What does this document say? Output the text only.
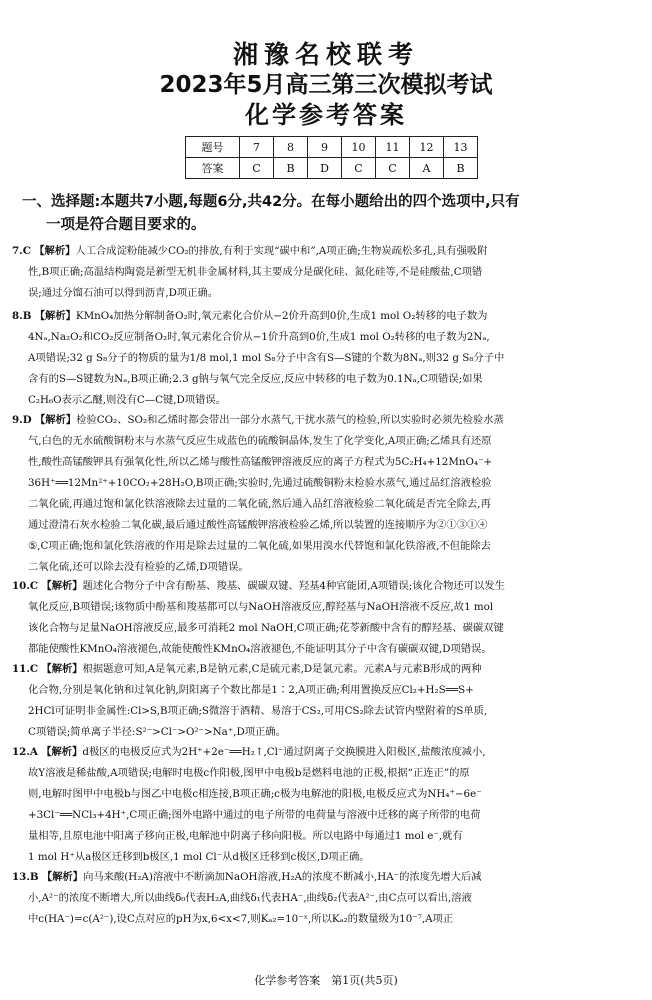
湘豫名校联考
2023年5月高三第三次模拟考试
化学参考答案
题号	7	8	9	10	11	12	13
答案	C	B	D	C	C	A	B
一、选择题:本题共7小题,每题6分,共42分。在每小题给出的四个选项中,只有
一项是符合题目要求的。
7.C 【解析】人工合成淀粉能减少CO₂的排放,有利于实现“碳中和”,A项正确;生物炭疏松多孔,具有强吸附
性,B项正确;高温结构陶瓷是新型无机非金属材料,其主要成分是碳化硅、氮化硅等,不是硅酸盐,C项错
误;通过分馏石油可以得到沥青,D项正确。
8.B 【解析】KMnO₄加热分解制备O₂时,氧元素化合价从−2价升高到0价,生成1 mol O₂转移的电子数为
4Nₐ,Na₂O₂和CO₂反应制备O₂时,氧元素化合价从−1价升高到0价,生成1 mol O₂转移的电子数为2Nₐ,
A项错误;32 g S₈分子的物质的量为1/8 mol,1 mol S₈分子中含有S—S键的个数为8Nₐ,则32 g S₈分子中
含有的S—S键数为Nₐ,B项正确;2.3 g钠与氧气完全反应,反应中转移的电子数为0.1Nₐ,C项错误;如果
C₂H₆O表示乙醚,则没有C—C键,D项错误。
9.D 【解析】检验CO₂、SO₂和乙烯时都会带出一部分水蒸气,干扰水蒸气的检验,所以实验时必须先检验水蒸
气,白色的无水硫酸铜粉末与水蒸气反应生成蓝色的硫酸铜晶体,发生了化学变化,A项正确;乙烯具有还原
性,酸性高锰酸钾具有强氧化性,所以乙烯与酸性高锰酸钾溶液反应的离子方程式为5C₂H₄+12MnO₄⁻+
36H⁺══12Mn²⁺+10CO₂+28H₂O,B项正确;实验时,先通过硫酸铜粉末检验水蒸气,通过品红溶液检验
二氧化硫,再通过饱和氯化铁溶液除去过量的二氧化硫,然后通入品红溶液检验二氧化硫是否完全除去,再
通过澄清石灰水检验二氧化碳,最后通过酸性高锰酸钾溶液检验乙烯,所以装置的连接顺序为②①③①④
⑤,C项正确;饱和氯化铁溶液的作用是除去过量的二氧化硫,如果用溴水代替饱和氯化铁溶液,不但能除去
二氧化硫,还可以除去没有检验的乙烯,D项错误。
10.C 【解析】题述化合物分子中含有酚基、羧基、碳碳双键、羟基4种官能团,A项错误;该化合物还可以发生
氧化反应,B项错误;该物质中酚基和羧基都可以与NaOH溶液反应,醇羟基与NaOH溶液不反应,故1 mol
该化合物与足量NaOH溶液反应,最多可消耗2 mol NaOH,C项正确;花苓新酸中含有的醇羟基、碳碳双键
都能使酸性KMnO₄溶液褪色,故能使酸性KMnO₄溶液褪色,不能证明其分子中含有碳碳双键,D项错误。
11.C 【解析】根据题意可知,A是氧元素,B是钠元素,C是硫元素,D是氯元素。元素A与元素B形成的两种
化合物,分别是氧化钠和过氧化钠,阴阳离子个数比都是1∶2,A项正确;利用置换反应Cl₂+H₂S══S+
2HCl可证明非金属性:Cl>S,B项正确;S微溶于酒精、易溶于CS₂,可用CS₂除去试管内壁附着的S单质,
C项错误;简单离子半径:S²⁻>Cl⁻>O²⁻>Na⁺,D项正确。
12.A 【解析】d极区的电极反应式为2H⁺+2e⁻══H₂↑,Cl⁻通过阴离子交换膜进入阳极区,盐酸浓度减小,
故Y溶液是稀盐酸,A项错误;电解时电极c作阳极,图甲中电极b是燃料电池的正极,根据“正连正”的原
则,电解时图甲中电极b与图乙中电极c相连接,B项正确;c极为电解池的阳极,电极反应式为NH₄⁺−6e⁻
+3Cl⁻══NCl₃+4H⁺,C项正确;图外电路中通过的电子所带的电荷量与溶液中迁移的离子所带的电荷
量相等,且原电池中阳离子移向正极,电解池中阴离子移向阳极。所以电路中每通过1 mol e⁻,就有
1 mol H⁺从a极区迁移到b极区,1 mol Cl⁻从d极区迁移到c极区,D项正确。
13.B 【解析】向马来酸(H₂A)溶液中不断滴加NaOH溶液,H₂A的浓度不断减小,HA⁻的浓度先增大后减
小,A²⁻的浓度不断增大,所以曲线δ₀代表H₂A,曲线δ₁代表HA⁻,曲线δ₂代表A²⁻,由C点可以看出,溶液
中c(HA⁻)=c(A²⁻),设C点对应的pH为x,6<x<7,则Kₐ₂=10⁻ˣ,所以Kₐ₂的数量级为10⁻⁷,A项正
化学参考答案　第1页(共5页)
